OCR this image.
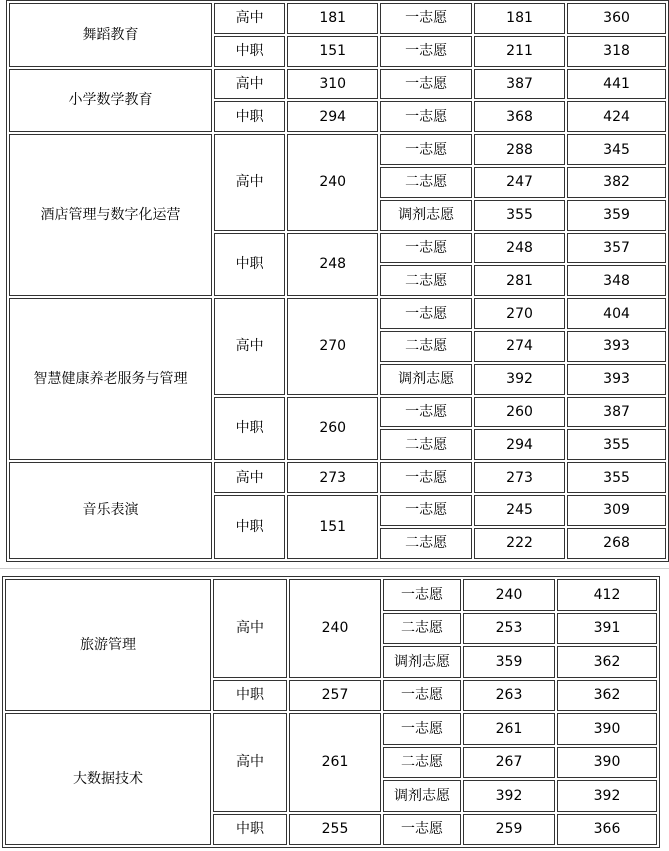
舞蹈教育	高中	181	一志愿	181	360
	中职	151	一志愿	211	318
小学数学教育	高中	310	一志愿	387	441
	中职	294	一志愿	368	424
酒店管理与数字化运营	高中	240	一志愿	288	345
			二志愿	247	382
			调剂志愿	355	359
	中职	248	一志愿	248	357
			二志愿	281	348
智慧健康养老服务与管理	高中	270	一志愿	270	404
			二志愿	274	393
			调剂志愿	392	393
	中职	260	一志愿	260	387
			二志愿	294	355
音乐表演	高中	273	一志愿	273	355
	中职	151	一志愿	245	309
			二志愿	222	268
旅游管理	高中	240	一志愿	240	412
			二志愿	253	391
			调剂志愿	359	362
	中职	257	一志愿	263	362
大数据技术	高中	261	一志愿	261	390
			二志愿	267	390
			调剂志愿	392	392
	中职	255	一志愿	259	366
